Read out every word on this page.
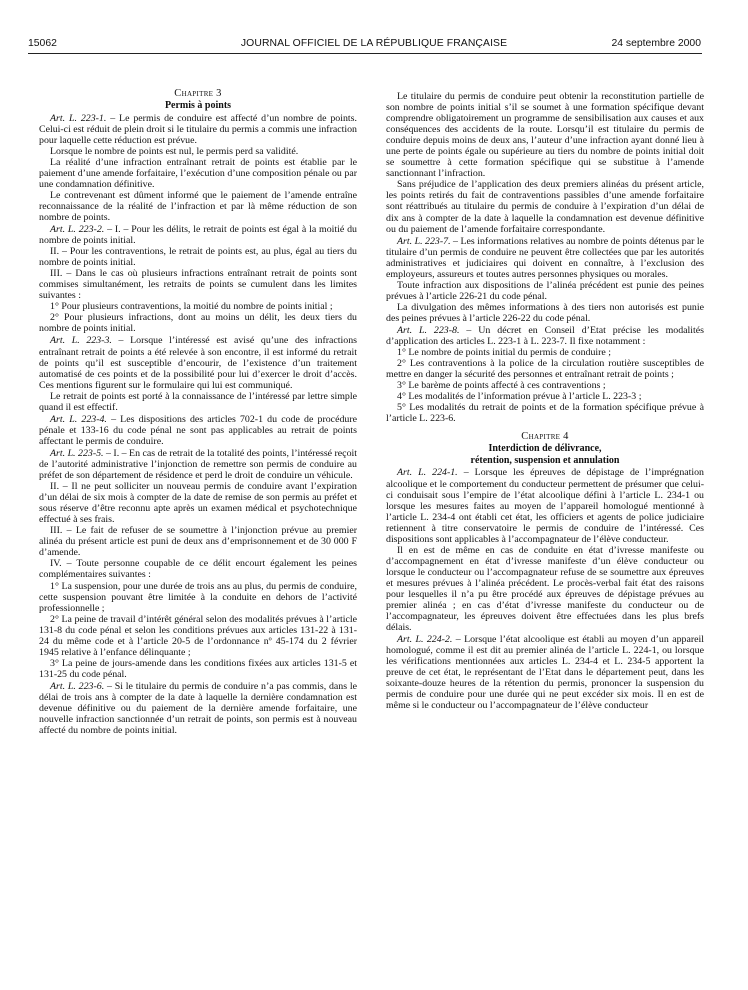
15062	JOURNAL OFFICIEL DE LA RÉPUBLIQUE FRANÇAISE	24 septembre 2000
Chapitre 3
Permis à points

Art. L. 223-1. – Le permis de conduire est affecté d’un nombre de points. Celui-ci est réduit de plein droit si le titulaire du permis a commis une infraction pour laquelle cette réduction est prévue.

Lorsque le nombre de points est nul, le permis perd sa validité.

La réalité d’une infraction entraînant retrait de points est établie par le paiement d’une amende forfaitaire, l’exécution d’une composition pénale ou par une condamnation définitive.

Le contrevenant est dûment informé que le paiement de l’amende entraîne reconnaissance de la réalité de l’infraction et par là même réduction de son nombre de points.

Art. L. 223-2. – I. – Pour les délits, le retrait de points est égal à la moitié du nombre de points initial.

II. – Pour les contraventions, le retrait de points est, au plus, égal au tiers du nombre de points initial.

III. – Dans le cas où plusieurs infractions entraînant retrait de points sont commises simultanément, les retraits de points se cumulent dans les limites suivantes :

1° Pour plusieurs contraventions, la moitié du nombre de points initial ;

2° Pour plusieurs infractions, dont au moins un délit, les deux tiers du nombre de points initial.

Art. L. 223-3. – Lorsque l’intéressé est avisé qu’une des infractions entraînant retrait de points a été relevée à son encontre, il est informé du retrait de points qu’il est susceptible d’encourir, de l’existence d’un traitement automatisé de ces points et de la possibilité pour lui d’exercer le droit d’accès. Ces mentions figurent sur le formulaire qui lui est communiqué.

Le retrait de points est porté à la connaissance de l’intéressé par lettre simple quand il est effectif.

Art. L. 223-4. – Les dispositions des articles 702-1 du code de procédure pénale et 133-16 du code pénal ne sont pas applicables au retrait de points affectant le permis de conduire.

Art. L. 223-5. – I. – En cas de retrait de la totalité des points, l’intéressé reçoit de l’autorité administrative l’injonction de remettre son permis de conduire au préfet de son département de résidence et perd le droit de conduire un véhicule.

II. – Il ne peut solliciter un nouveau permis de conduire avant l’expiration d’un délai de six mois à compter de la date de remise de son permis au préfet et sous réserve d’être reconnu apte après un examen médical et psychotechnique effectué à ses frais.

III. – Le fait de refuser de se soumettre à l’injonction prévue au premier alinéa du présent article est puni de deux ans d’emprisonnement et de 30 000 F d’amende.

IV. – Toute personne coupable de ce délit encourt également les peines complémentaires suivantes :

1° La suspension, pour une durée de trois ans au plus, du permis de conduire, cette suspension pouvant être limitée à la conduite en dehors de l’activité professionnelle ;

2° La peine de travail d’intérêt général selon des modalités prévues à l’article 131-8 du code pénal et selon les conditions prévues aux articles 131-22 à 131-24 du même code et à l’article 20-5 de l’ordonnance nº 45-174 du 2 février 1945 relative à l’enfance délinquante ;

3° La peine de jours-amende dans les conditions fixées aux articles 131-5 et 131-25 du code pénal.

Art. L. 223-6. – Si le titulaire du permis de conduire n’a pas commis, dans le délai de trois ans à compter de la date à laquelle la dernière condamnation est devenue définitive ou du paiement de la dernière amende forfaitaire, une nouvelle infraction sanctionnée d’un retrait de points, son permis est à nouveau affecté du nombre de points initial.

Le titulaire du permis de conduire peut obtenir la reconstitution partielle de son nombre de points initial s’il se soumet à une formation spécifique devant comprendre obligatoirement un programme de sensibilisation aux causes et aux conséquences des accidents de la route. Lorsqu’il est titulaire du permis de conduire depuis moins de deux ans, l’auteur d’une infraction ayant donné lieu à une perte de points égale ou supérieure au tiers du nombre de points initial doit se soumettre à cette formation spécifique qui se substitue à l’amende sanctionnant l’infraction.

Sans préjudice de l’application des deux premiers alinéas du présent article, les points retirés du fait de contraventions passibles d’une amende forfaitaire sont réattribués au titulaire du permis de conduire à l’expiration d’un délai de dix ans à compter de la date à laquelle la condamnation est devenue définitive ou du paiement de l’amende forfaitaire correspondante.

Art. L. 223-7. – Les informations relatives au nombre de points détenus par le titulaire d’un permis de conduire ne peuvent être collectées que par les autorités administratives et judiciaires qui doivent en connaître, à l’exclusion des employeurs, assureurs et toutes autres personnes physiques ou morales.

Toute infraction aux dispositions de l’alinéa précédent est punie des peines prévues à l’article 226-21 du code pénal.

La divulgation des mêmes informations à des tiers non autorisés est punie des peines prévues à l’article 226-22 du code pénal.

Art. L. 223-8. – Un décret en Conseil d’Etat précise les modalités d’application des articles L. 223-1 à L. 223-7. Il fixe notamment :

1° Le nombre de points initial du permis de conduire ;

2° Les contraventions à la police de la circulation routière susceptibles de mettre en danger la sécurité des personnes et entraînant retrait de points ;

3° Le barème de points affecté à ces contraventions ;

4° Les modalités de l’information prévue à l’article L. 223-3 ;

5° Les modalités du retrait de points et de la formation spécifique prévue à l’article L. 223-6.

Chapitre 4
Interdiction de délivrance,
rétention, suspension et annulation

Art. L. 224-1. – Lorsque les épreuves de dépistage de l’imprégnation alcoolique et le comportement du conducteur permettent de présumer que celui-ci conduisait sous l’empire de l’état alcoolique défini à l’article L. 234-1 ou lorsque les mesures faites au moyen de l’appareil homologué mentionné à l’article L. 234-4 ont établi cet état, les officiers et agents de police judiciaire retiennent à titre conservatoire le permis de conduire de l’intéressé. Ces dispositions sont applicables à l’accompagnateur de l’élève conducteur.

Il en est de même en cas de conduite en état d’ivresse manifeste ou d’accompagnement en état d’ivresse manifeste d’un élève conducteur ou lorsque le conducteur ou l’accompagnateur refuse de se soumettre aux épreuves et mesures prévues à l’alinéa précédent. Le procès-verbal fait état des raisons pour lesquelles il n’a pu être procédé aux épreuves de dépistage prévues au premier alinéa ; en cas d’état d’ivresse manifeste du conducteur ou de l’accompagnateur, les épreuves doivent être effectuées dans les plus brefs délais.

Art. L. 224-2. – Lorsque l’état alcoolique est établi au moyen d’un appareil homologué, comme il est dit au premier alinéa de l’article L. 224-1, ou lorsque les vérifications mentionnées aux articles L. 234-4 et L. 234-5 apportent la preuve de cet état, le représentant de l’Etat dans le département peut, dans les soixante-douze heures de la rétention du permis, prononcer la suspension du permis de conduire pour une durée qui ne peut excéder six mois. Il en est de même si le conducteur ou l’accompagnateur de l’élève conducteur
